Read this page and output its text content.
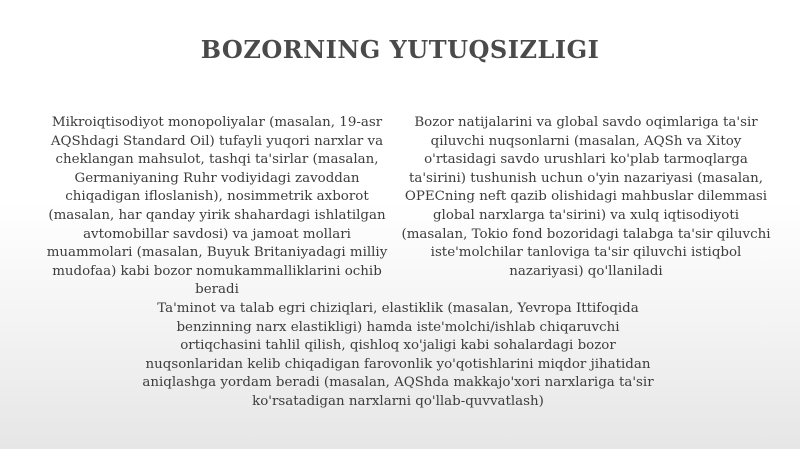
BOZORNING YUTUQSIZLIGI

Mikroiqtisodiyot monopoliyalar (masalan, 19-asr AQShdagi Standard Oil) tufayli yuqori narxlar va cheklangan mahsulot, tashqi ta'sirlar (masalan, Germaniyaning Ruhr vodiyidagi zavoddan chiqadigan ifloslanish), nosimmetrik axborot (masalan, har qanday yirik shahardagi ishlatilgan avtomobillar savdosi) va jamoat mollari muammolari (masalan, Buyuk Britaniyadagi milliy mudofaa) kabi bozor nomukammalliklarini ochib beradi

Bozor natijalarini va global savdo oqimlariga ta'sir qiluvchi nuqsonlarni (masalan, AQSh va Xitoy o'rtasidagi savdo urushlari ko'plab tarmoqlarga ta'sirini) tushunish uchun o'yin nazariyasi (masalan, OPECning neft qazib olishidagi mahbuslar dilemmasi global narxlarga ta'sirini) va xulq iqtisodiyoti (masalan, Tokio fond bozoridagi talabga ta'sir qiluvchi iste'molchilar tanloviga ta'sir qiluvchi istiqbol nazariyasi) qo'llaniladi

Ta'minot va talab egri chiziqlari, elastiklik (masalan, Yevropa Ittifoqida benzinning narx elastikligi) hamda iste'molchi/ishlab chiqaruvchi ortiqchasini tahlil qilish, qishloq xo'jaligi kabi sohalardagi bozor nuqsonlaridan kelib chiqadigan farovonlik yo'qotishlarini miqdor jihatidan aniqlashga yordam beradi (masalan, AQShda makkajo'xori narxlariga ta'sir ko'rsatadigan narxlarni qo'llab-quvvatlash)
